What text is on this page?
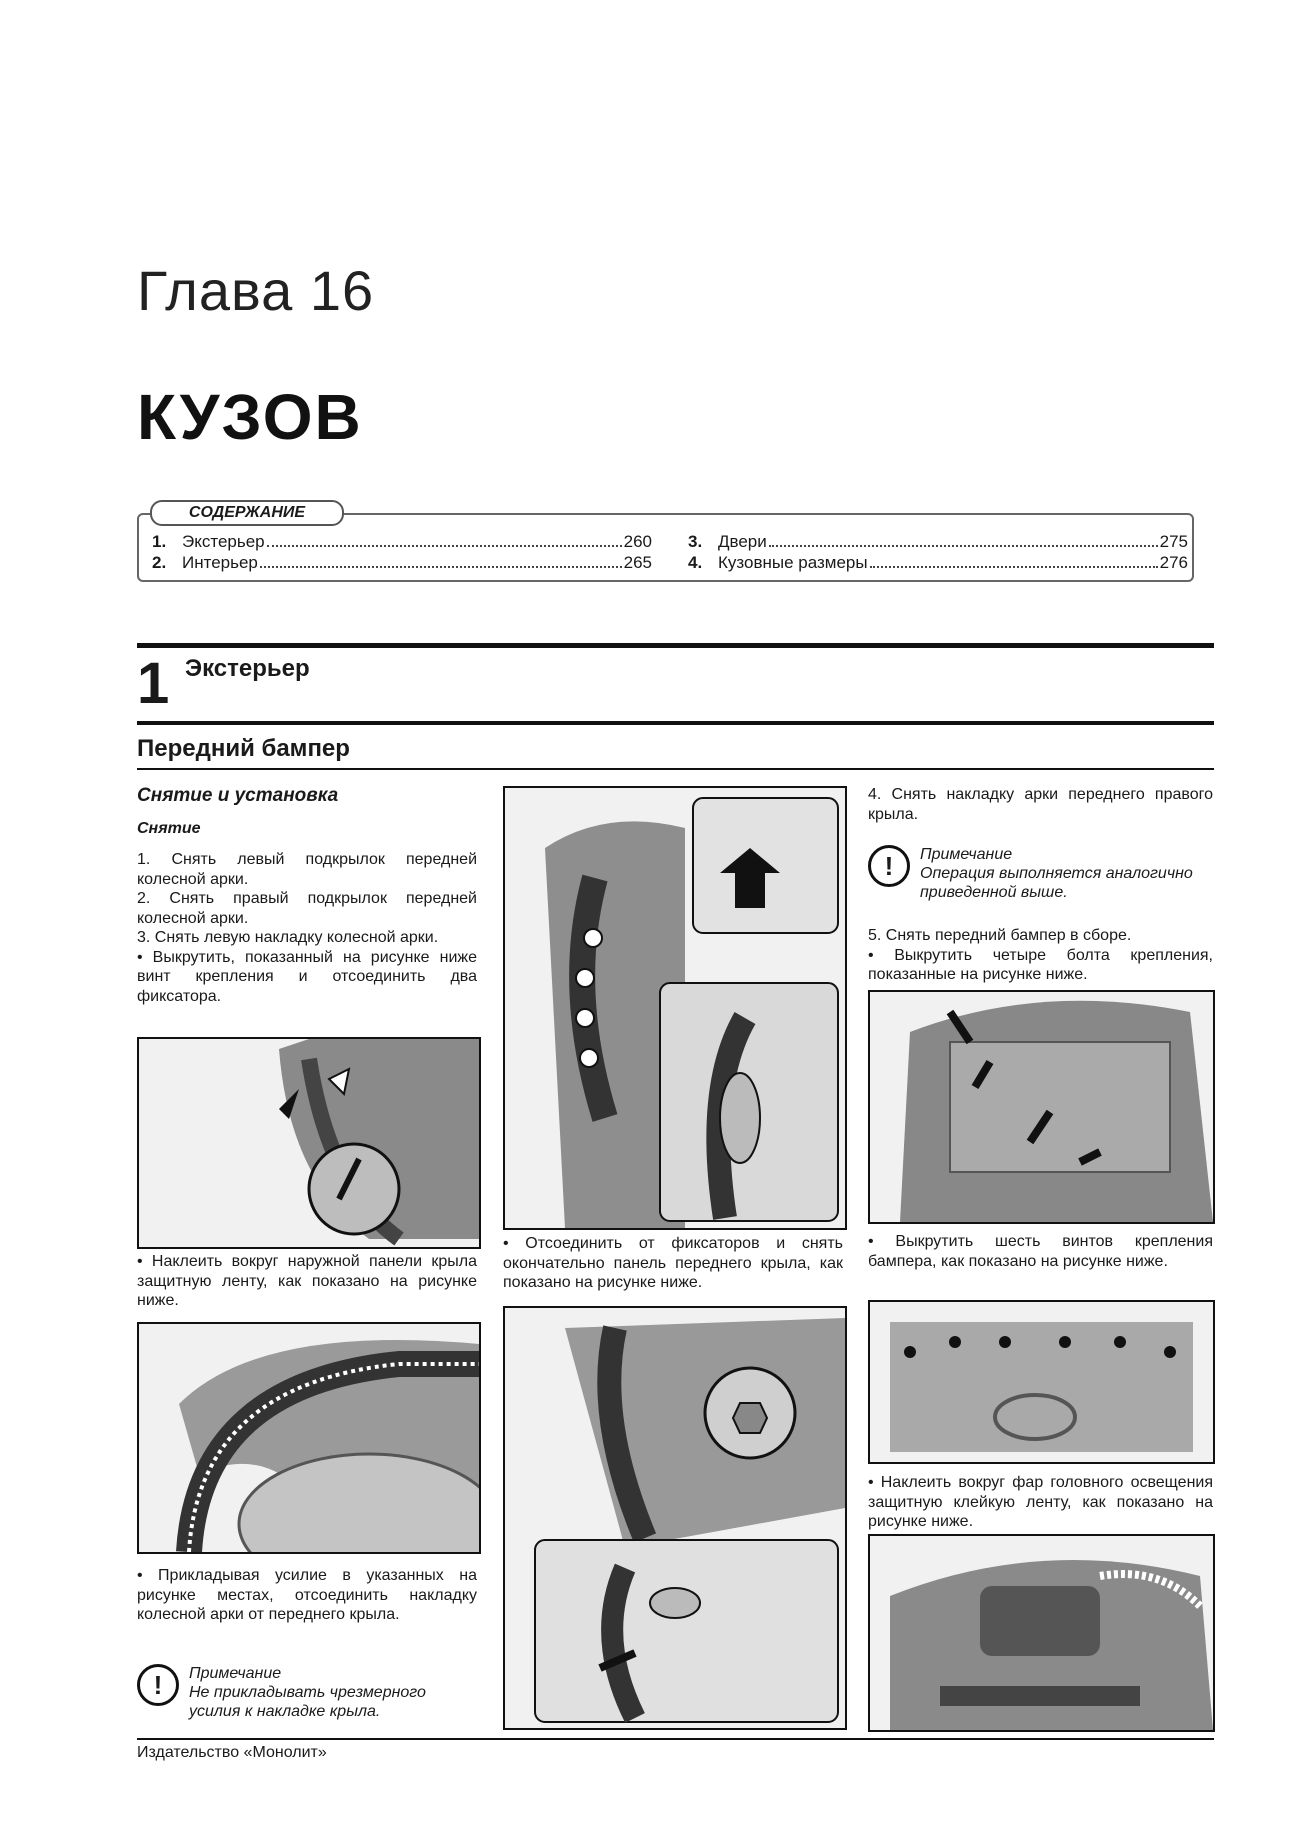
Глава 16
КУЗОВ
СОДЕРЖАНИЕ
1. Экстерьер	260
2. Интерьер	265
3. Двери	275
4. Кузовные размеры	276
1 Экстерьер
Передний бампер
Снятие и установка
Снятие

1. Снять левый подкрылок передней колесной арки.

2. Снять правый подкрылок передней колесной арки.

3. Снять левую накладку колесной арки.

• Выкрутить, показанный на рисунке ниже винт крепления и отсоединить два фиксатора.

• Наклеить вокруг наружной панели крыла защитную ленту, как показано на рисунке ниже.
• Прикладывая усилие в указанных на рисунке местах, отсоединить накладку колесной арки от переднего крыла.
!	Примечание
Не прикладывать чрезмерного усилия к накладке крыла.
• Отсоединить от фиксаторов и снять окончательно панель переднего крыла, как показано на рисунке ниже.
4. Снять накладку арки переднего правого крыла.
!	Примечание
Операция выполняется аналогично приведенной выше.

5. Снять передний бампер в сборе.

• Выкрутить четыре болта крепления, показанные на рисунке ниже.

• Выкрутить шесть винтов крепления бампера, как показано на рисунке ниже.
• Наклеить вокруг фар головного освещения защитную клейкую ленту, как показано на рисунке ниже.
Издательство «Монолит»
